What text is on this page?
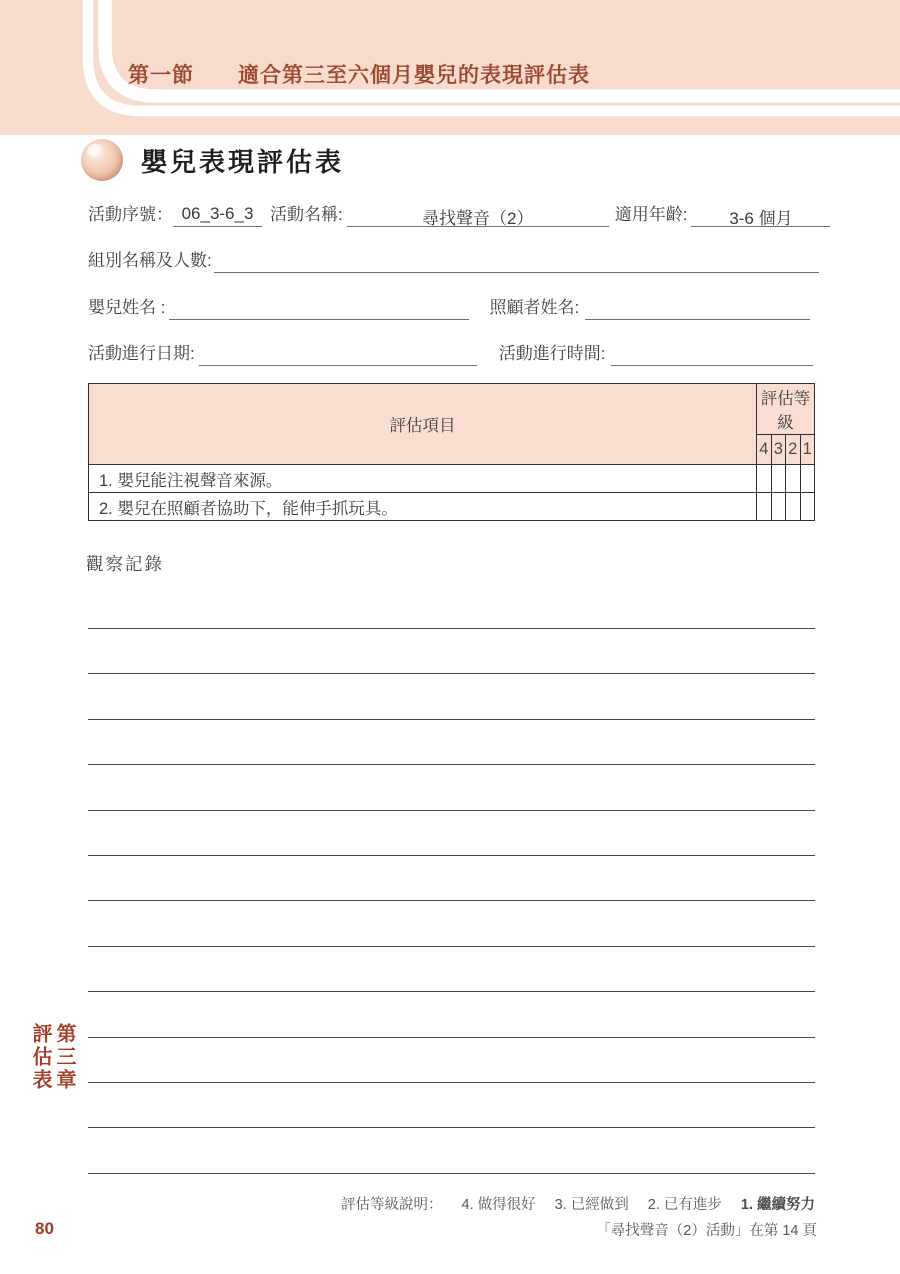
第一節 適合第三至六個月嬰兒的表現評估表
嬰兒表現評估表
活動序號： 06_3-6_3 活動名稱:	尋找聲音（2）	適用年齡:	3-6 個月
組別名稱及人數:
嬰兒姓名 :	照顧者姓名:
活動進行日期:	活動進行時間:
評估項目	評估等級			
	4	3	2	1
1. 嬰兒能注視聲音來源。				
2. 嬰兒在照顧者協助下，能伸手抓玩具。				
觀察記錄
評估等級說明： 4. 做得很好 3. 已經做到 2. 已有進步 1. 繼續努力
「尋找聲音（2）活動」在第 14 頁
第三章
評估表
80
